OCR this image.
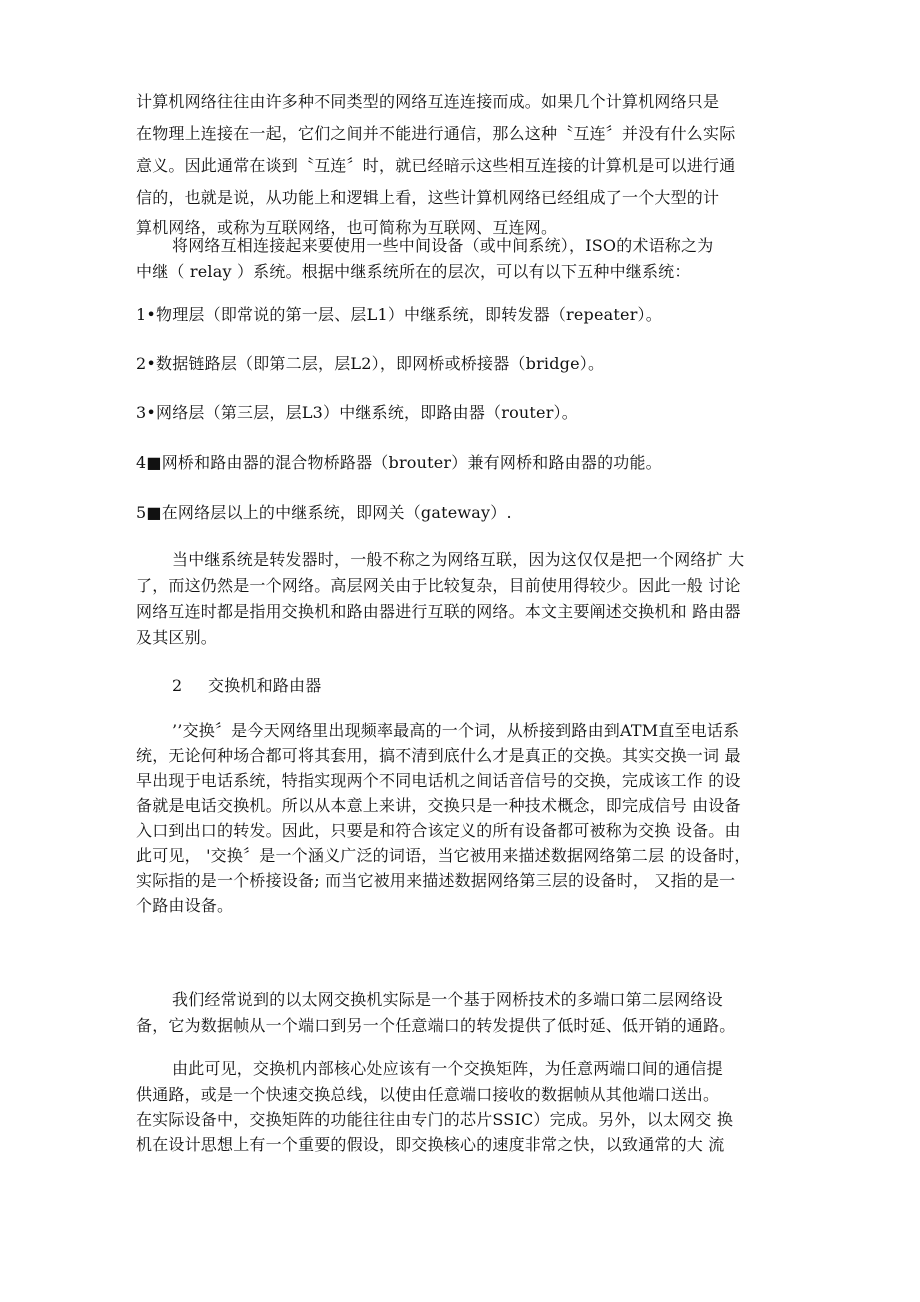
计算机网络往往由许多种不同类型的网络互连连接而成。如果几个计算机网络只是
在物理上连接在一起，它们之间并不能进行通信，那么这种〝互连〞并没有什么实际
意义。因此通常在谈到〝互连〞时，就已经暗示这些相互连接的计算机是可以进行通
信的，也就是说，从功能上和逻辑上看，这些计算机网络已经组成了一个大型的计
算机网络，或称为互联网络，也可简称为互联网、互连网。
将网络互相连接起来要使用一些中间设备（或中间系统），ISO的术语称之为
中继（ relay ）系统。根据中继系统所在的层次，可以有以下五种中继系统：
1•物理层（即常说的第一层、层L1）中继系统，即转发器（repeater）。
2•数据链路层（即第二层，层L2），即网桥或桥接器（bridge）。
3•网络层（第三层，层L3）中继系统，即路由器（router）。
4■网桥和路由器的混合物桥路器（brouter）兼有网桥和路由器的功能。
5■在网络层以上的中继系统，即网关（gateway）.
当中继系统是转发器时，一般不称之为网络互联，因为这仅仅是把一个网络扩 大
了，而这仍然是一个网络。高层网关由于比较复杂，目前使用得较少。因此一般 讨论
网络互连时都是指用交换机和路由器进行互联的网络。本文主要阐述交换机和 路由器
及其区别。
2 交换机和路由器
’’交换〞是今天网络里出现频率最高的一个词，从桥接到路由到ATM直至电话系
统，无论何种场合都可将其套用，搞不清到底什么才是真正的交换。其实交换一词 最
早出现于电话系统，特指实现两个不同电话机之间话音信号的交换，完成该工作 的设
备就是电话交换机。所以从本意上来讲，交换只是一种技术概念，即完成信号 由设备
入口到出口的转发。因此，只要是和符合该定义的所有设备都可被称为交换 设备。由
此可见， '交换〞是一个涵义广泛的词语，当它被用来描述数据网络第二层 的设备时，
实际指的是一个桥接设备; 而当它被用来描述数据网络第三层的设备时， 又指的是一
个路由设备。
我们经常说到的以太网交换机实际是一个基于网桥技术的多端口第二层网络设
备，它为数据帧从一个端口到另一个任意端口的转发提供了低时延、低开销的通路。
由此可见，交换机内部核心处应该有一个交换矩阵，为任意两端口间的通信提
供通路，或是一个快速交换总线，以使由任意端口接收的数据帧从其他端口送出。
在实际设备中，交换矩阵的功能往往由专门的芯片SSIC）完成。另外，以太网交 换
机在设计思想上有一个重要的假设，即交换核心的速度非常之快，以致通常的大 流
